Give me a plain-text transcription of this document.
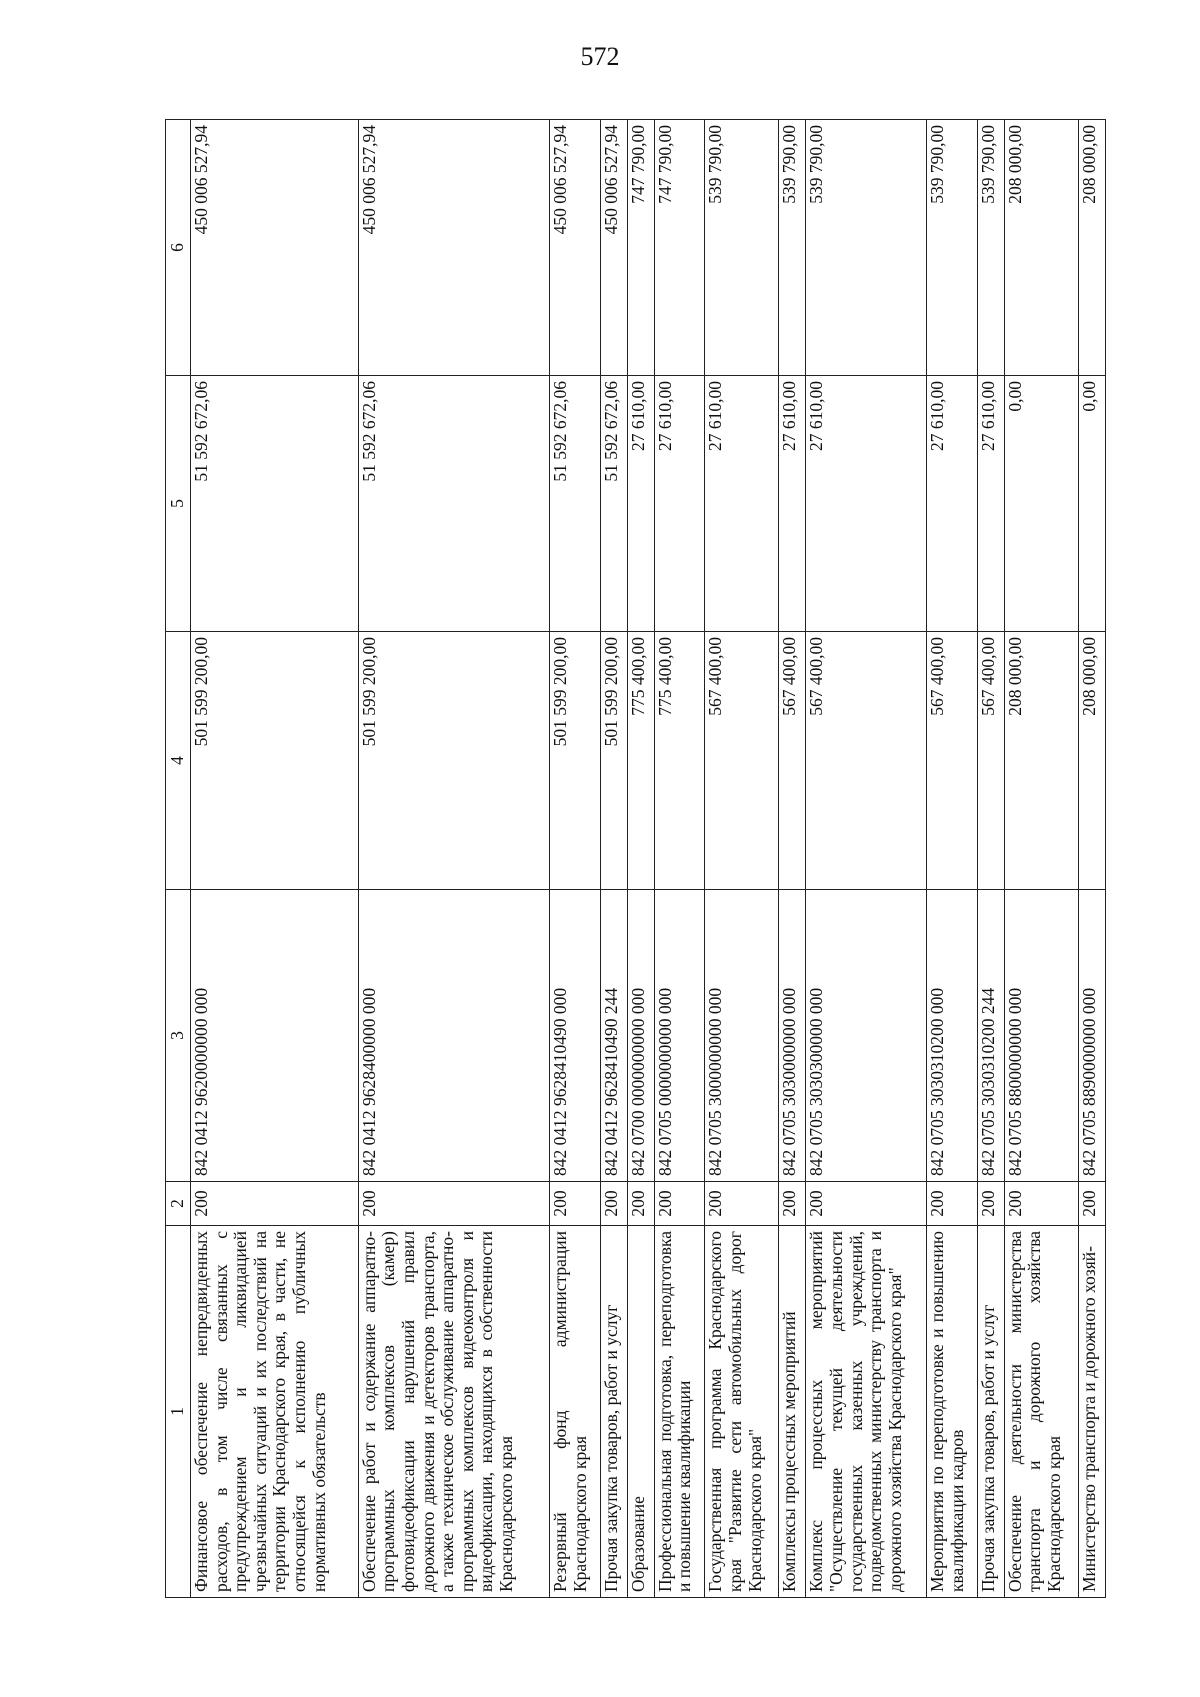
572
1	2	3	4	5	6
Финансовое обеспечение непредвиденных расходов, в том числе связанных с предупреждением и ликвидацией чрезвычайных ситуаций и их последствий на территории Краснодарского края, в части, не относящейся к исполнению публичных нормативных обязательств	200	842 0412 9620000000 000	501 599 200,00	51 592 672,06	450 006 527,94
Обеспечение работ и содержание аппаратно-программных комплексов (камер) фотовидеофиксации нарушений правил дорожного движения и детекторов транспорта, а также техническое обслуживание аппаратно-программных комплексов видеоконтроля и видеофиксации, находящихся в собственности Краснодарского края	200	842 0412 9628400000 000	501 599 200,00	51 592 672,06	450 006 527,94
Резервный фонд администрации Краснодарского края	200	842 0412 9628410490 000	501 599 200,00	51 592 672,06	450 006 527,94
Прочая закупка товаров, работ и услуг	200	842 0412 9628410490 244	501 599 200,00	51 592 672,06	450 006 527,94
Образование	200	842 0700 0000000000 000	775 400,00	27 610,00	747 790,00
Профессиональная подготовка, переподготовка и повышение квалификации	200	842 0705 0000000000 000	775 400,00	27 610,00	747 790,00
Государственная программа Краснодарского края "Развитие сети автомобильных дорог Краснодарского края"	200	842 0705 3000000000 000	567 400,00	27 610,00	539 790,00
Комплексы процессных мероприятий	200	842 0705 3030000000 000	567 400,00	27 610,00	539 790,00
Комплекс процессных мероприятий "Осуществление текущей деятельности государственных казенных учреждений, подведомственных министерству транспорта и дорожного хозяйства Краснодарского края"	200	842 0705 3030300000 000	567 400,00	27 610,00	539 790,00
Мероприятия по переподготовке и повышению квалификации кадров	200	842 0705 3030310200 000	567 400,00	27 610,00	539 790,00
Прочая закупка товаров, работ и услуг	200	842 0705 3030310200 244	567 400,00	27 610,00	539 790,00
Обеспечение деятельности министерства транспорта и дорожного хозяйства Краснодарского края	200	842 0705 8800000000 000	208 000,00	0,00	208 000,00
Министерство транспорта и дорожного хозяй-	200	842 0705 8890000000 000	208 000,00	0,00	208 000,00
